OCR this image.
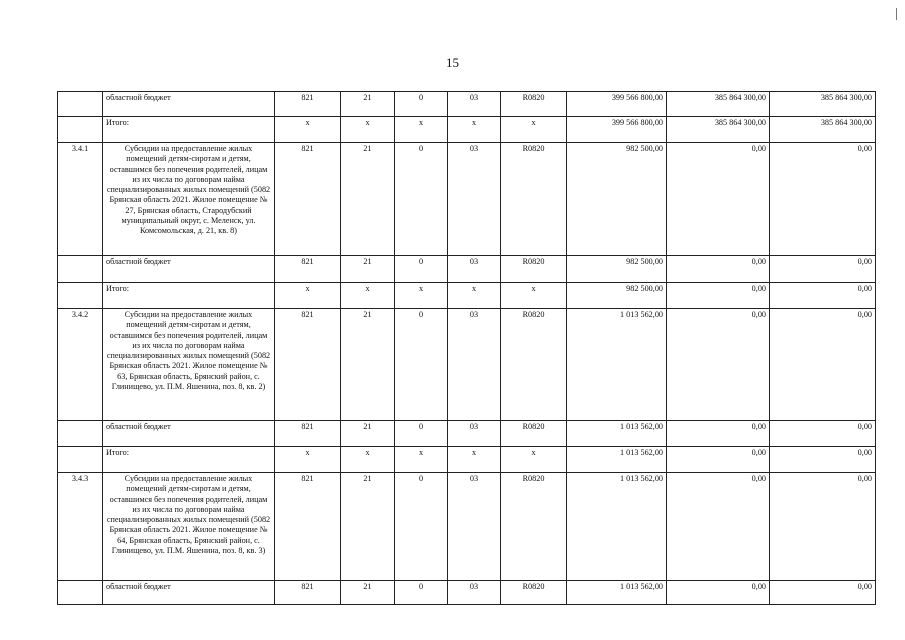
15
	областной бюджет	821	21	0	03	R0820	399 566 800,00	385 864 300,00	385 864 300,00
	Итого:	x	x	x	x	x	399 566 800,00	385 864 300,00	385 864 300,00
3.4.1	Субсидии на предоставление жилых помещений детям-сиротам и детям, оставшимся без попечения родителей, лицам из их числа по договорам найма специализированных жилых помещений (5082 Брянская область 2021. Жилое помещение № 27, Брянская область, Стародубский муниципальный округ, с. Меленск, ул. Комсомольская, д. 21, кв. 8)	821	21	0	03	R0820	982 500,00	0,00	0,00
	областной бюджет	821	21	0	03	R0820	982 500,00	0,00	0,00
	Итого:	x	x	x	x	x	982 500,00	0,00	0,00
3.4.2	Субсидии на предоставление жилых помещений детям-сиротам и детям, оставшимся без попечения родителей, лицам из их числа по договорам найма специализированных жилых помещений (5082 Брянская область 2021. Жилое помещение № 63, Брянская область, Брянский район, с. Глинищево, ул. П.М. Яшенина, поз. 8, кв. 2)	821	21	0	03	R0820	1 013 562,00	0,00	0,00
	областной бюджет	821	21	0	03	R0820	1 013 562,00	0,00	0,00
	Итого:	x	x	x	x	x	1 013 562,00	0,00	0,00
3.4.3	Субсидии на предоставление жилых помещений детям-сиротам и детям, оставшимся без попечения родителей, лицам из их числа по договорам найма специализированных жилых помещений (5082 Брянская область 2021. Жилое помещение № 64, Брянская область, Брянский район, с. Глинищево, ул. П.М. Яшенина, поз. 8, кв. 3)	821	21	0	03	R0820	1 013 562,00	0,00	0,00
	областной бюджет	821	21	0	03	R0820	1 013 562,00	0,00	0,00
